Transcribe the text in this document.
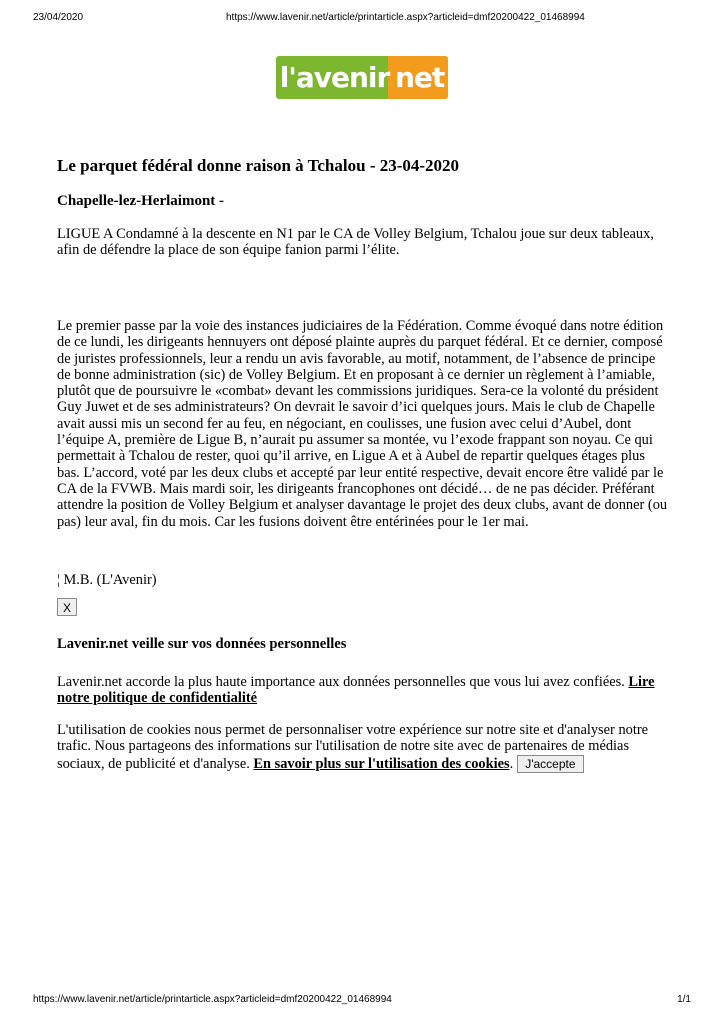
23/04/2020	https://www.lavenir.net/article/printarticle.aspx?articleid=dmf20200422_01468994
l'avenir.net
Le parquet fédéral donne raison à Tchalou - 23-04-2020
Chapelle-lez-Herlaimont -

LIGUE A Condamné à la descente en N1 par le CA de Volley Belgium, Tchalou joue sur deux tableaux, afin de défendre la place de son équipe fanion parmi l’élite.

Le premier passe par la voie des instances judiciaires de la Fédération. Comme évoqué dans notre édition de ce lundi, les dirigeants hennuyers ont déposé plainte auprès du parquet fédéral. Et ce dernier, composé de juristes professionnels, leur a rendu un avis favorable, au motif, notamment, de l’absence de principe de bonne administration (sic) de Volley Belgium. Et en proposant à ce dernier un règlement à l’amiable, plutôt que de poursuivre le «combat» devant les commissions juridiques. Sera-ce la volonté du président Guy Juwet et de ses administrateurs? On devrait le savoir d’ici quelques jours. Mais le club de Chapelle avait aussi mis un second fer au feu, en négociant, en coulisses, une fusion avec celui d’Aubel, dont l’équipe A, première de Ligue B, n’aurait pu assumer sa montée, vu l’exode frappant son noyau. Ce qui permettait à Tchalou de rester, quoi qu’il arrive, en Ligue A et à Aubel de repartir quelques étages plus bas. L’accord, voté par les deux clubs et accepté par leur entité respective, devait encore être validé par le CA de la FVWB. Mais mardi soir, les dirigeants francophones ont décidé… de ne pas décider. Préférant attendre la position de Volley Belgium et analyser davantage le projet des deux clubs, avant de donner (ou pas) leur aval, fin du mois. Car les fusions doivent être entérinées pour le 1er mai.

¦ M.B. (L'Avenir)
X
Lavenir.net veille sur vos données personnelles

Lavenir.net accorde la plus haute importance aux données personnelles que vous lui avez confiées. Lire notre politique de confidentialité

L'utilisation de cookies nous permet de personnaliser votre expérience sur notre site et d'analyser notre trafic. Nous partageons des informations sur l'utilisation de notre site avec de partenaires de médias sociaux, de publicité et d'analyse. En savoir plus sur l'utilisation des cookies. J'accepte

https://www.lavenir.net/article/printarticle.aspx?articleid=dmf20200422_01468994	1/1
